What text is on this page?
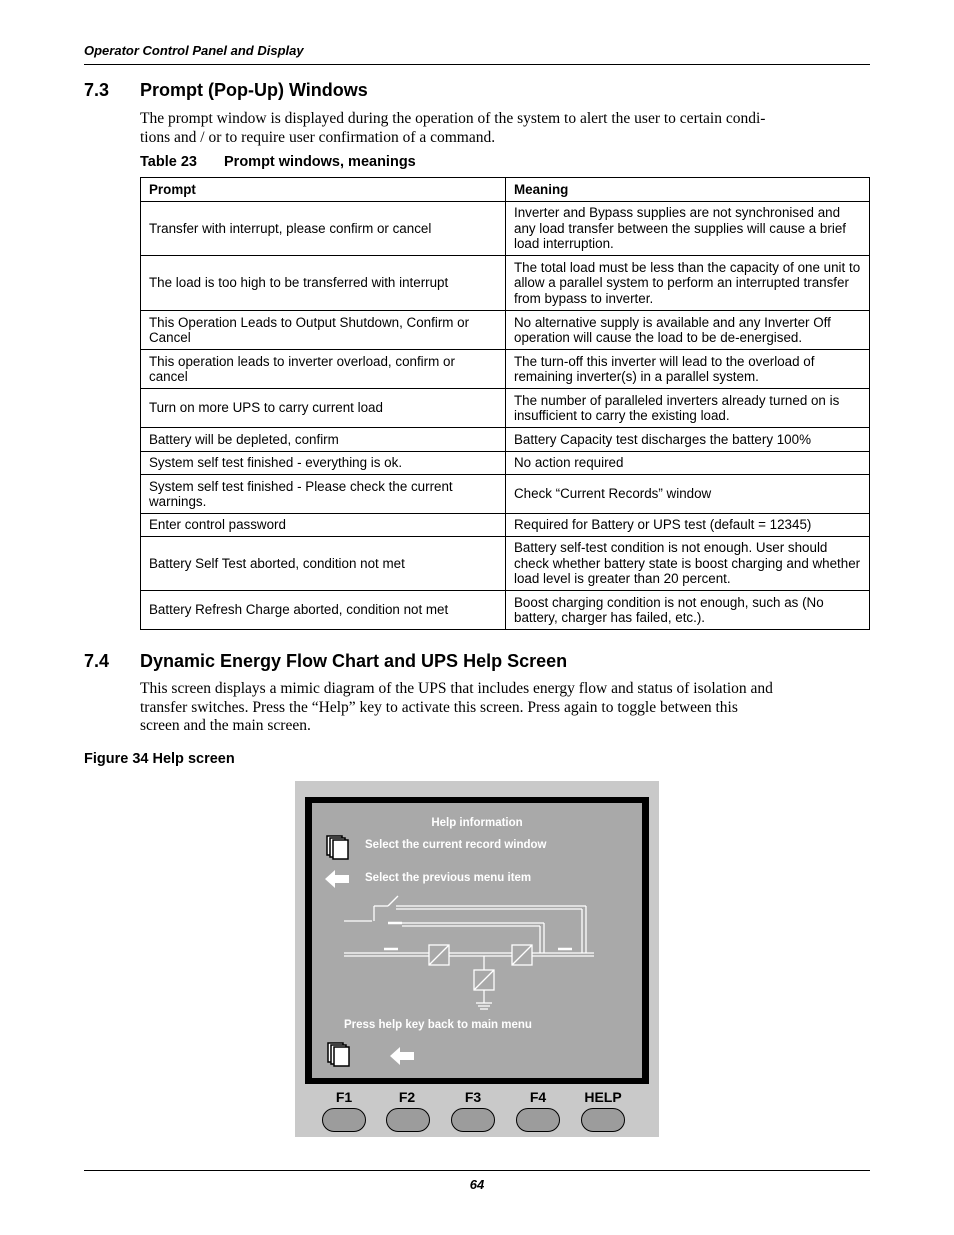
Operator Control Panel and Display
7.3 Prompt (Pop-Up) Windows
The prompt window is displayed during the operation of the system to alert the user to certain condi-
tions and / or to require user confirmation of a command.
Table 23 Prompt windows, meanings
Prompt	Meaning
Transfer with interrupt, please confirm or cancel	Inverter and Bypass supplies are not synchronised and any load transfer between the supplies will cause a brief load interruption.
The load is too high to be transferred with interrupt	The total load must be less than the capacity of one unit to allow a parallel system to perform an interrupted transfer from bypass to inverter.
This Operation Leads to Output Shutdown, Confirm or Cancel	No alternative supply is available and any Inverter Off operation will cause the load to be de-energised.
This operation leads to inverter overload, confirm or cancel	The turn-off this inverter will lead to the overload of remaining inverter(s) in a parallel system.
Turn on more UPS to carry current load	The number of paralleled inverters already turned on is insufficient to carry the existing load.
Battery will be depleted, confirm	Battery Capacity test discharges the battery 100%
System self test finished - everything is ok.	No action required
System self test finished - Please check the current warnings.	Check “Current Records” window
Enter control password	Required for Battery or UPS test (default = 12345)
Battery Self Test aborted, condition not met	Battery self-test condition is not enough. User should check whether battery state is boost charging and whether load level is greater than 20 percent.
Battery Refresh Charge aborted, condition not met	Boost charging condition is not enough, such as (No battery, charger has failed, etc.).
7.4 Dynamic Energy Flow Chart and UPS Help Screen
This screen displays a mimic diagram of the UPS that includes energy flow and status of isolation and
transfer switches. Press the “Help” key to activate this screen. Press again to toggle between this
screen and the main screen.
Figure 34 Help screen
Help information
Select the current record window
Select the previous menu item
Press help key back to main menu
F1	F2	F3	F4	HELP
64
